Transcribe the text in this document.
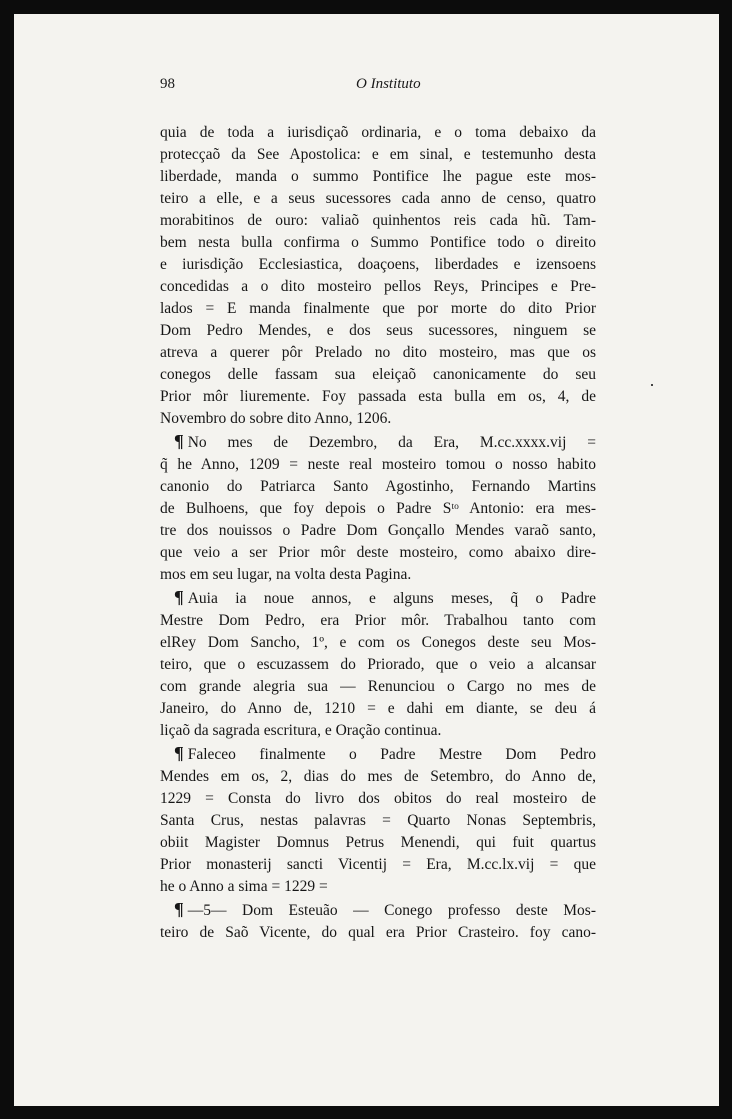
98	O Instituto

quia de toda a iurisdiçaõ ordinaria, e o toma debaixo da
protecçaõ da See Apostolica: e em sinal, e testemunho desta
liberdade, manda o summo Pontifice lhe pague este mos-
teiro a elle, e a seus sucessores cada anno de censo, quatro
morabitinos de ouro: valiaõ quinhentos reis cada hũ. Tam-
bem nesta bulla confirma o Summo Pontifice todo o direito
e iurisdição Ecclesiastica, doaçoens, liberdades e izensoens
concedidas a o dito mosteiro pellos Reys, Principes e Pre-
lados = E manda finalmente que por morte do dito Prior
Dom Pedro Mendes, e dos seus sucessores, ninguem se
atreva a querer pôr Prelado no dito mosteiro, mas que os
conegos delle fassam sua eleiçaõ canonicamente do seu
Prior môr liuremente. Foy passada esta bulla em os, 4, de
Novembro do sobre dito Anno, 1206.

¶ No mes de Dezembro, da Era, M.cc.xxxx.vij =
q̃ he Anno, 1209 = neste real mosteiro tomou o nosso habito
canonio do Patriarca Santo Agostinho, Fernando Martins
de Bulhoens, que foy depois o Padre Sᵗᵒ Antonio: era mes-
tre dos nouissos o Padre Dom Gonçallo Mendes varaõ santo,
que veio a ser Prior môr deste mosteiro, como abaixo dire-
mos em seu lugar, na volta desta Pagina.

¶ Auia ia noue annos, e alguns meses, q̃ o Padre
Mestre Dom Pedro, era Prior môr. Trabalhou tanto com
elRey Dom Sancho, 1º, e com os Conegos deste seu Mos-
teiro, que o escuzassem do Priorado, que o veio a alcansar
com grande alegria sua — Renunciou o Cargo no mes de
Janeiro, do Anno de, 1210 = e dahi em diante, se deu á
liçaõ da sagrada escritura, e Oração continua.

¶ Faleceo finalmente o Padre Mestre Dom Pedro
Mendes em os, 2, dias do mes de Setembro, do Anno de,
1229 = Consta do livro dos obitos do real mosteiro de
Santa Crus, nestas palavras = Quarto Nonas Septembris,
obiit Magister Domnus Petrus Menendi, qui fuit quartus
Prior monasterij sancti Vicentij = Era, M.cc.lx.vij = que
he o Anno a sima = 1229 =

¶ —5— Dom Esteuão — Conego professo deste Mos-
teiro de Saõ Vicente, do qual era Prior Crasteiro. foy cano-
